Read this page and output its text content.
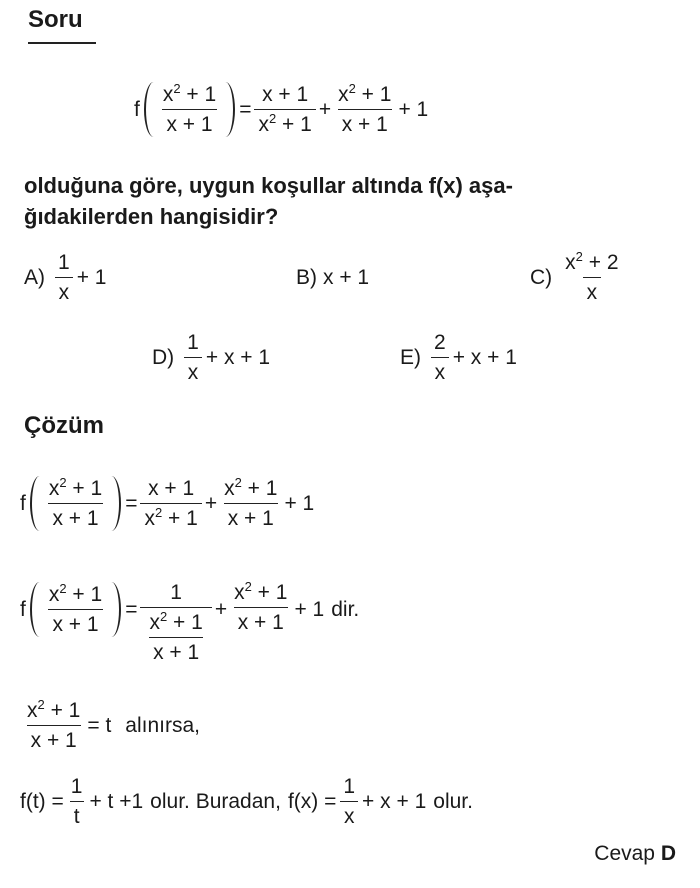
Soru
f $\frac{x^2 + 1}{x + 1} = \frac{x + 1}{x^2 + 1} + \frac{x^2 + 1}{x + 1} + 1$
olduğuna göre, uygun koşullar altında f(x) aşa-
ğıdakilerden hangisidir?
$A) \frac{1}{x} + 1$	B) x + 1	$C) \frac{x^2 + 2}{x}$
$D) \frac{1}{x} + x + 1$	$E) \frac{2}{x} + x + 1$
Çözüm
f $\frac{x^2 + 1}{x + 1} = \frac{x + 1}{x^2 + 1} + \frac{x^2 + 1}{x + 1} + 1$
f $\frac{x^2 + 1}{x + 1} = \frac{1}{\frac{x^2 + 1}{x + 1}} + \frac{x^2 + 1}{x + 1} + 1$ dir.
$\frac{x^2 + 1}{x + 1} = t$ alınırsa,
$f(t) = \frac{1}{t} + t +1$ olur. Buradan, $f(x) = \frac{1}{x} + x + 1$ olur.
Cevap D
